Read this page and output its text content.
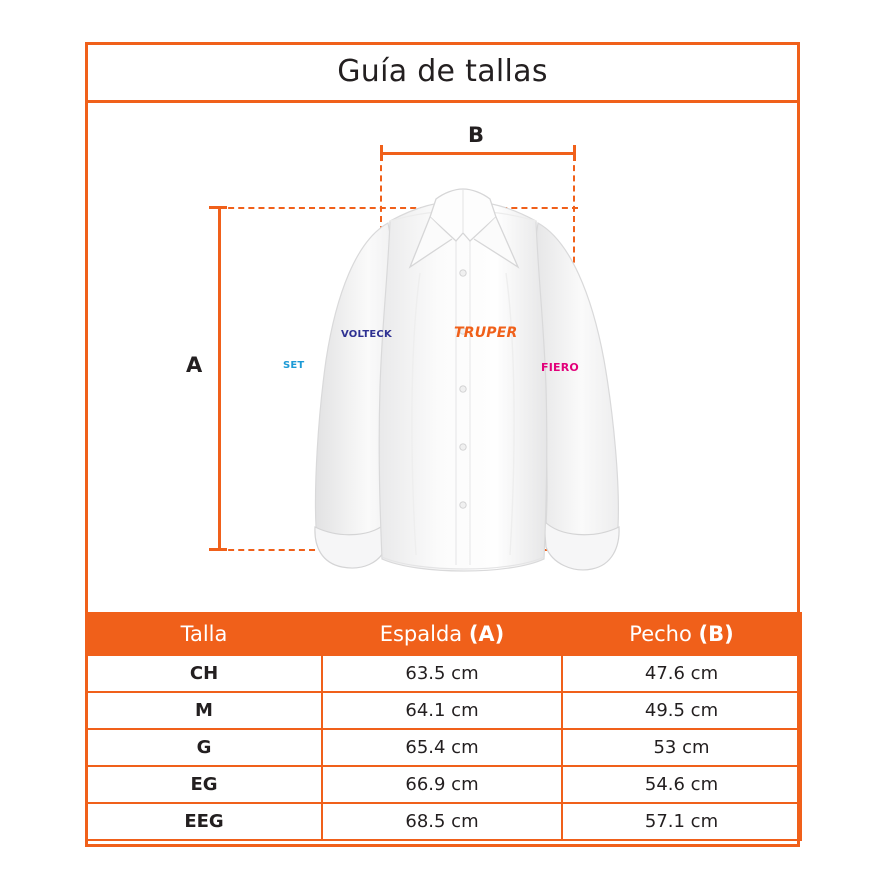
Guía de tallas
B
A
VOLTECK	TRUPER
SET	FIERO
Talla	Espalda (A)	Pecho (B)
CH	63.5 cm	47.6 cm
M	64.1 cm	49.5 cm
G	65.4 cm	53 cm
EG	66.9 cm	54.6 cm
EEG	68.5 cm	57.1 cm
